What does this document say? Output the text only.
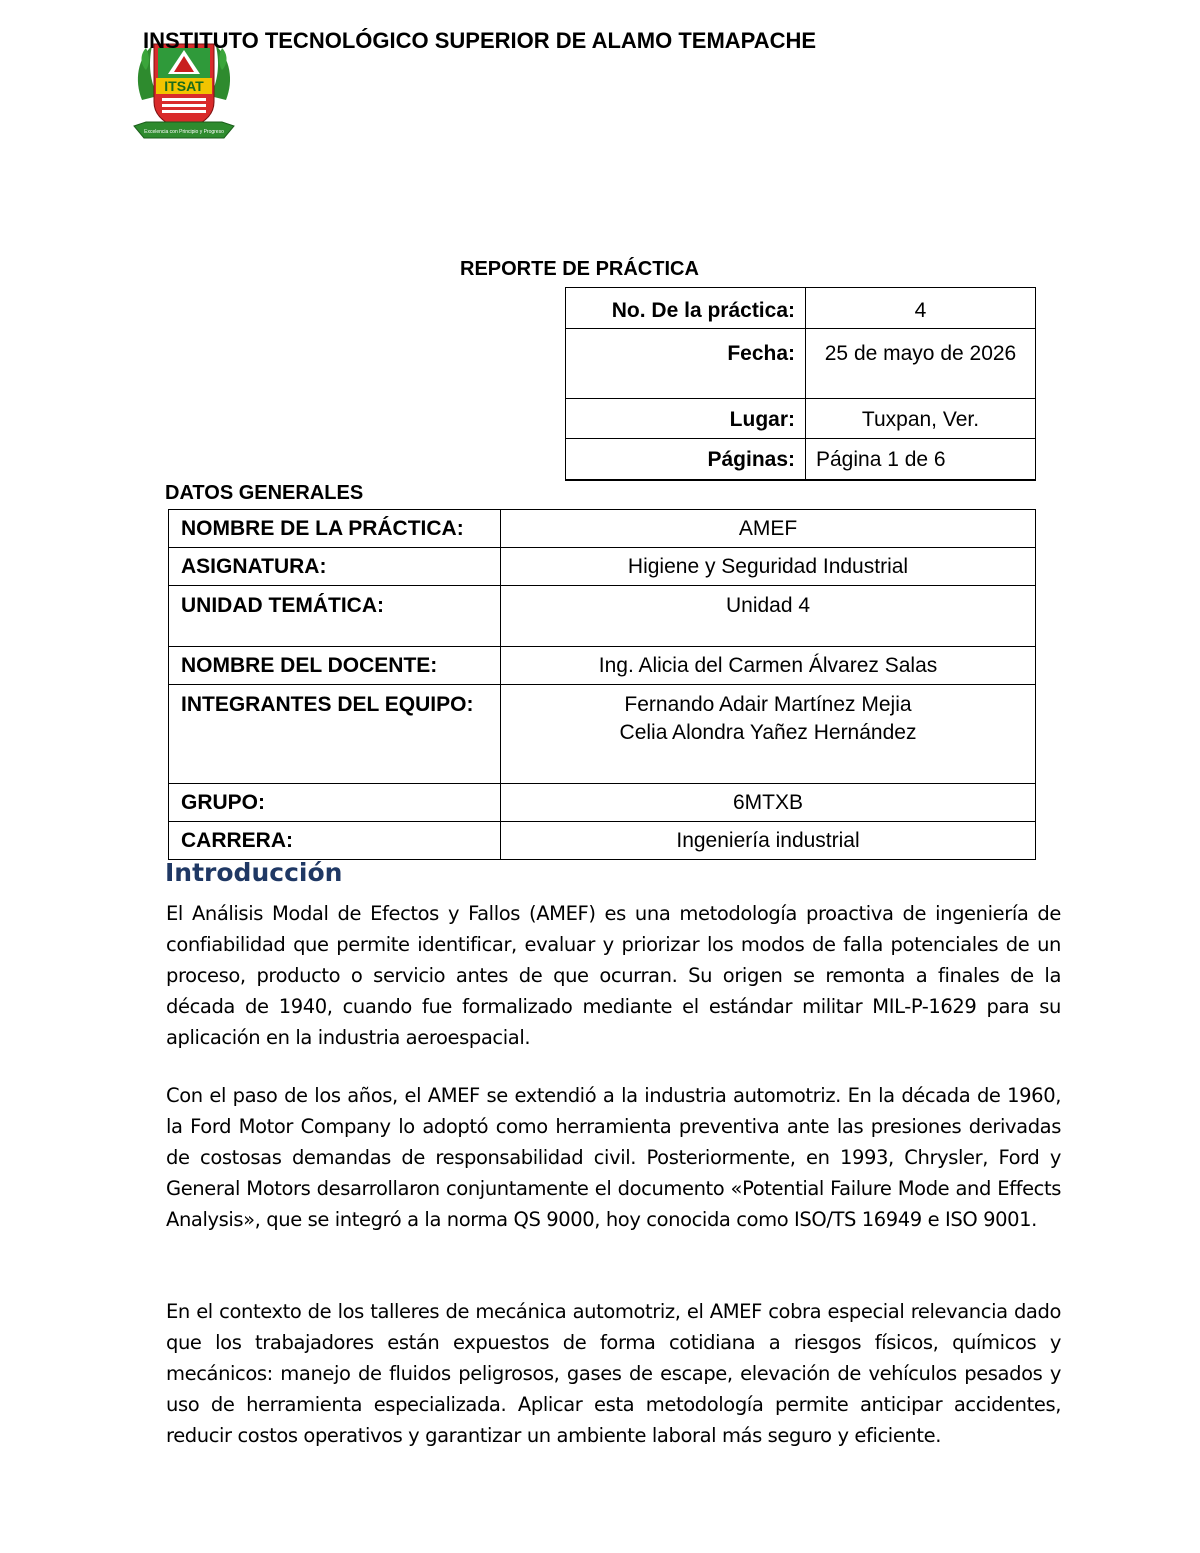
ITSAT
Excelencia con Principio y Progreso
INSTITUTO TECNOLÓGICO SUPERIOR DE ALAMO TEMAPACHE
REPORTE DE PRÁCTICA
No. De la práctica:	4
Fecha:	25 de mayo de 2026
Lugar:	Tuxpan, Ver.
Páginas:	Página 1 de 6
DATOS GENERALES
NOMBRE DE LA PRÁCTICA:	AMEF
ASIGNATURA:	Higiene y Seguridad Industrial
UNIDAD TEMÁTICA:	Unidad 4
NOMBRE DEL DOCENTE:	Ing. Alicia del Carmen Álvarez Salas
INTEGRANTES DEL EQUIPO:	Fernando Adair Martínez Mejia
Celia Alondra Yañez Hernández

GRUPO:	6MTXB
CARRERA:	Ingeniería industrial
Introducción

El Análisis Modal de Efectos y Fallos (AMEF) es una metodología proactiva de ingeniería de confiabilidad que permite identificar, evaluar y priorizar los modos de falla potenciales de un proceso, producto o servicio antes de que ocurran. Su origen se remonta a finales de la década de 1940, cuando fue formalizado mediante el estándar militar MIL-P-1629 para su aplicación en la industria aeroespacial.

Con el paso de los años, el AMEF se extendió a la industria automotriz. En la década de 1960, la Ford Motor Company lo adoptó como herramienta preventiva ante las presiones derivadas de costosas demandas de responsabilidad civil. Posteriormente, en 1993, Chrysler, Ford y General Motors desarrollaron conjuntamente el documento «Potential Failure Mode and Effects Analysis», que se integró a la norma QS 9000, hoy conocida como ISO/TS 16949 e ISO 9001.

En el contexto de los talleres de mecánica automotriz, el AMEF cobra especial relevancia dado que los trabajadores están expuestos de forma cotidiana a riesgos físicos, químicos y mecánicos: manejo de fluidos peligrosos, gases de escape, elevación de vehículos pesados y uso de herramienta especializada. Aplicar esta metodología permite anticipar accidentes, reducir costos operativos y garantizar un ambiente laboral más seguro y eficiente.
